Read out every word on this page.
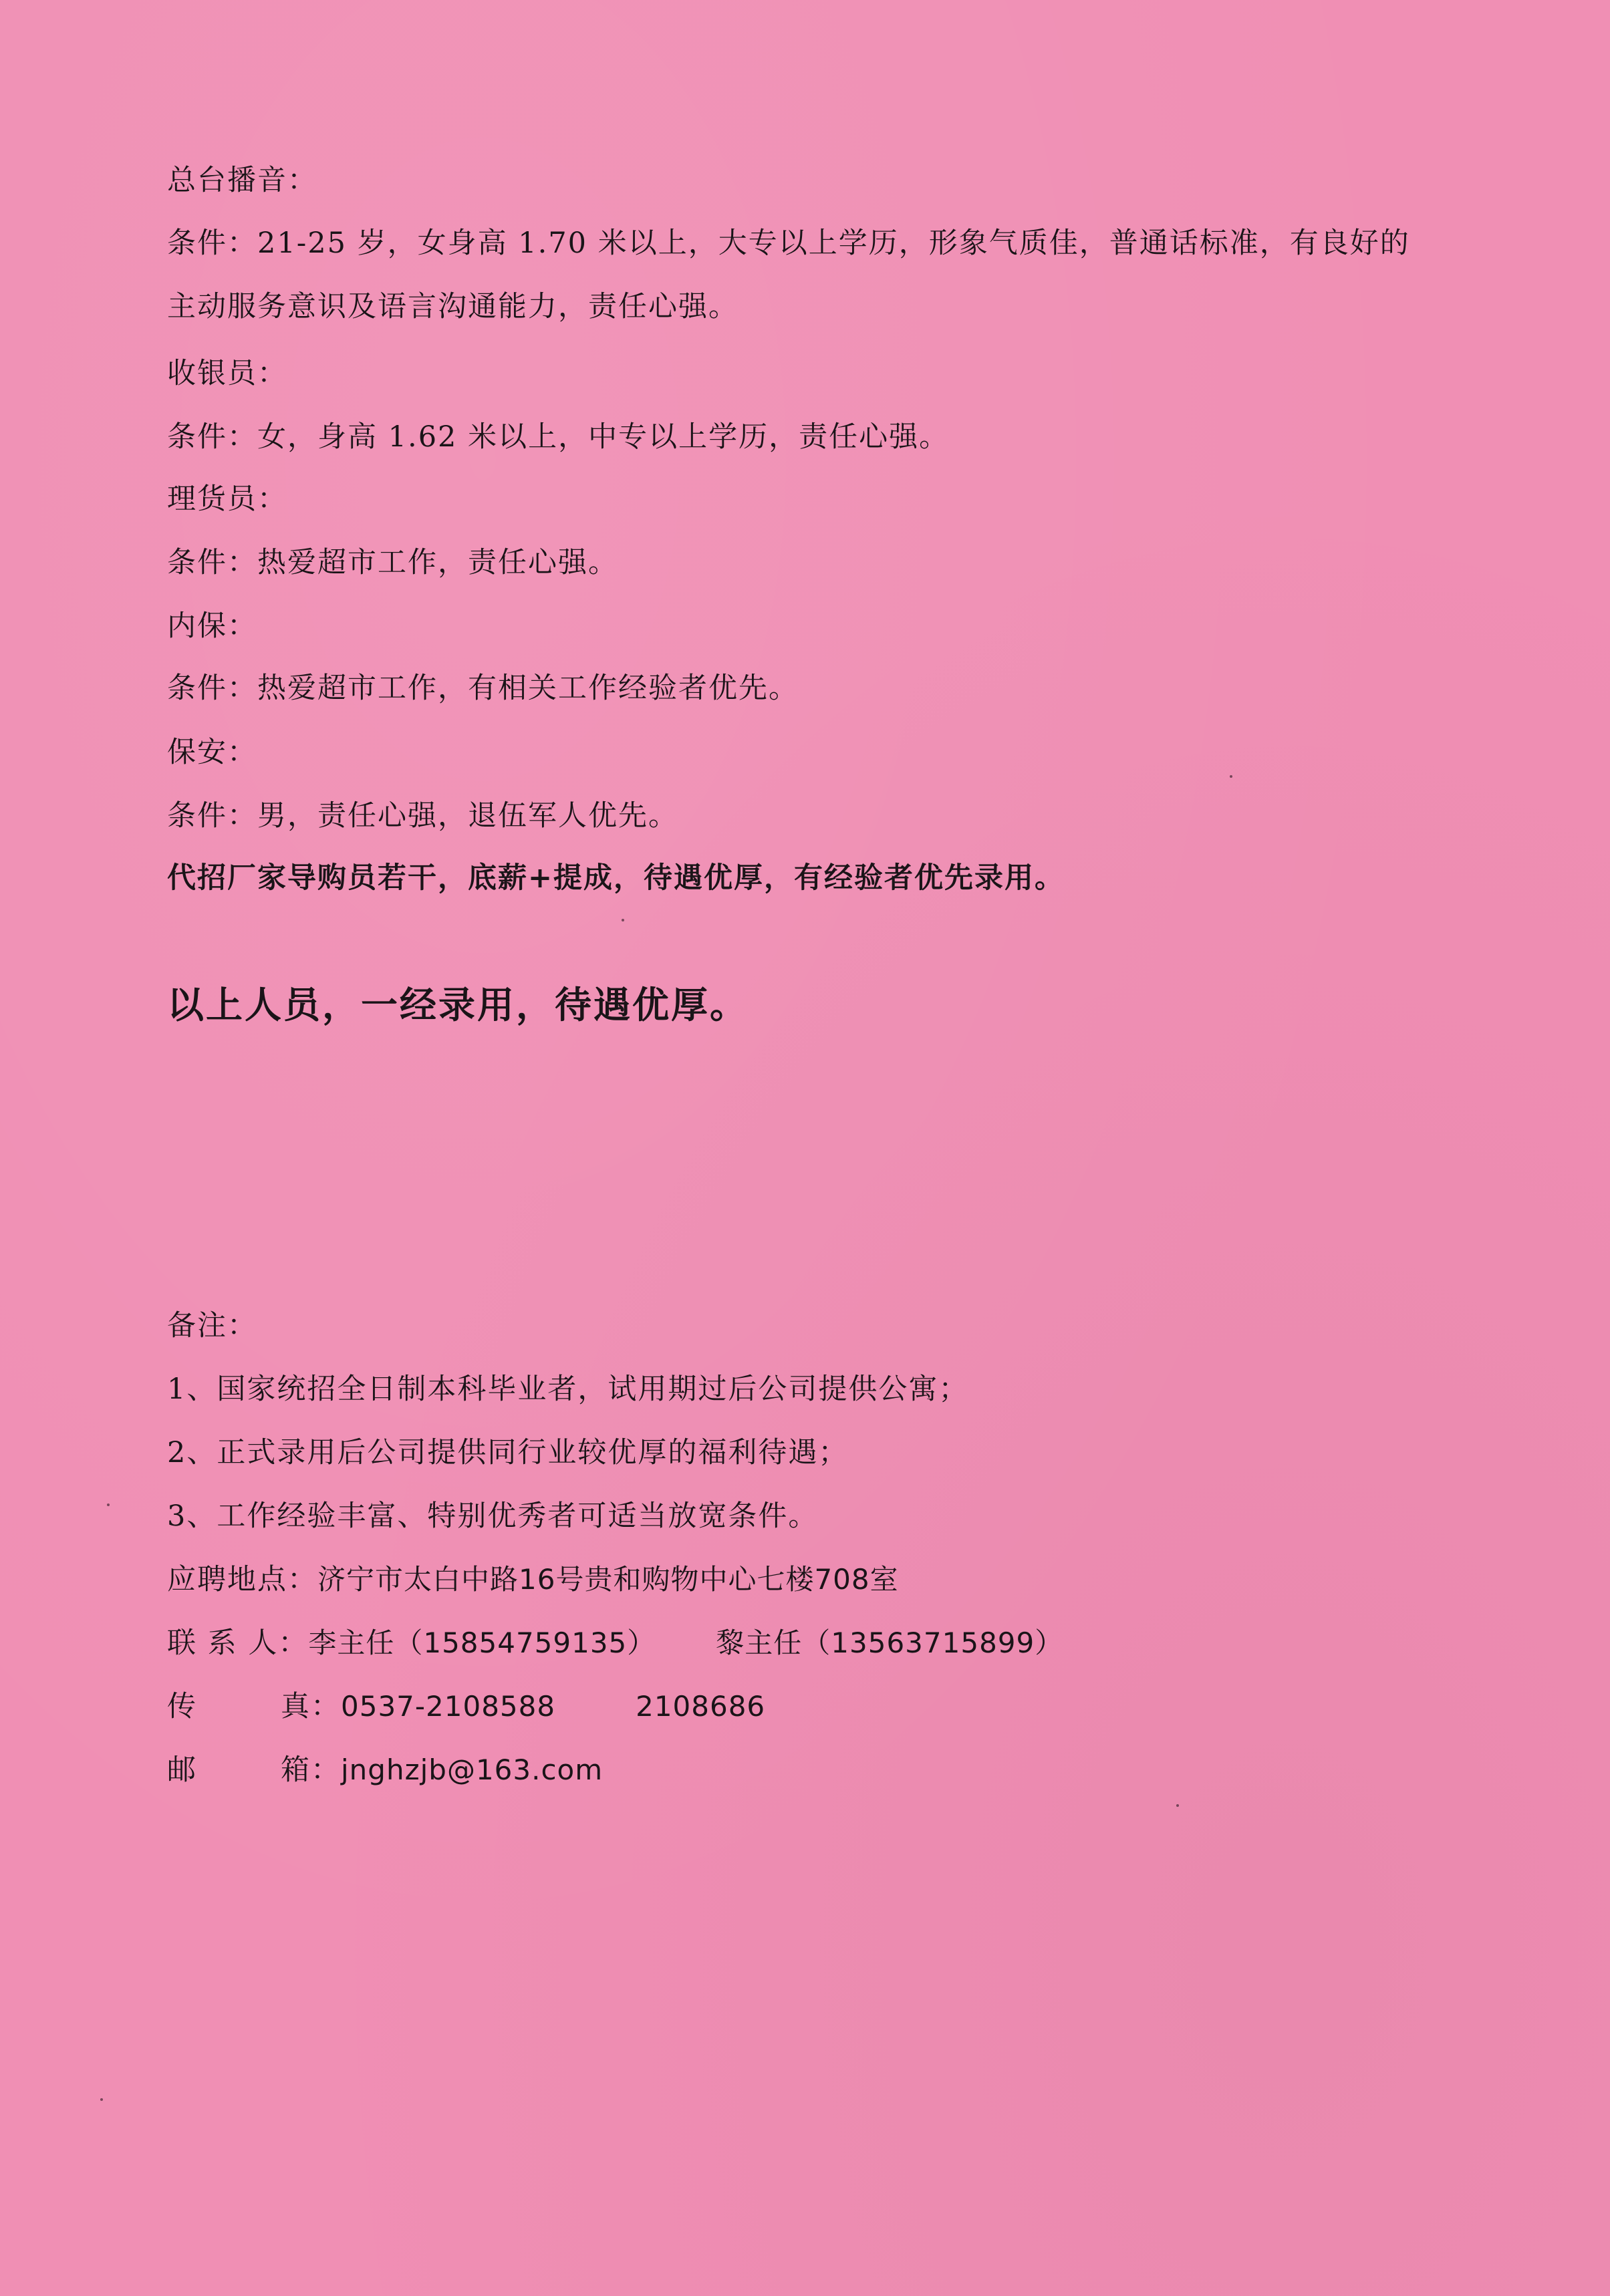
总台播音：
条件：21-25 岁，女身高 1.70 米以上，大专以上学历，形象气质佳，普通话标准，有良好的
主动服务意识及语言沟通能力，责任心强。
收银员：
条件：女，身高 1.62 米以上，中专以上学历，责任心强。
理货员：
条件：热爱超市工作，责任心强。
内保：
条件：热爱超市工作，有相关工作经验者优先。
保安：
条件：男，责任心强，退伍军人优先。
代招厂家导购员若干，底薪+提成，待遇优厚，有经验者优先录用。
以上人员，一经录用，待遇优厚。
备注：
1、国家统招全日制本科毕业者，试用期过后公司提供公寓；
2、正式录用后公司提供同行业较优厚的福利待遇；
3、工作经验丰富、特别优秀者可适当放宽条件。
应聘地点：济宁市太白中路16号贵和购物中心七楼708室
联 系 人：李主任（15854759135） 黎主任（13563715899）
传	真：0537-2108588	2108686
邮	箱：jnghzjb@163.com
